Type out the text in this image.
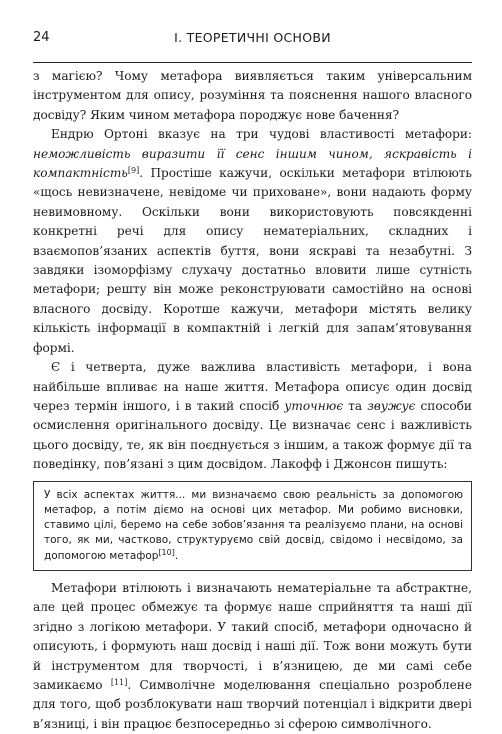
24	І. ТЕОРЕТИЧНІ ОСНОВИ

з магією? Чому метафора виявляється таким універсальним інструментом для опису, розуміння та пояснення нашого власного досвіду? Яким чином метафора породжує нове бачення?

Ендрю Ортоні вказує на три чудові властивості метафори: неможливість виразити її сенс іншим чином, яскравість і компактність[9]. Простіше кажучи, оскільки метафори втілюють «щось невизначене, невідоме чи приховане», вони надають форму невимовному. Оскільки вони використовують повсякденні конкретні речі для опису нематеріальних, складних і взаємопов’язаних аспектів буття, вони яскраві та незабутні. З завдяки ізоморфізму слухачу достатньо вловити лише сутність метафори; решту він може реконструювати самостійно на основі власного досвіду. Коротше кажучи, метафори містять велику кількість інформації в компактній і легкій для запам’ятовування формі.

Є і четверта, дуже важлива властивість метафори, і вона найбільше впливає на наше життя. Метафора описує один досвід через термін іншого, і в такий спосіб уточнює та звужує способи осмислення оригінального досвіду. Це визначає сенс і важливість цього досвіду, те, як він поєднується з іншим, а також формує дії та поведінку, пов’язані з цим досвідом. Лакофф і Джонсон пишуть:

У всіх аспектах життя... ми визначаємо свою реальність за допомогою метафор, а потім діємо на основі цих метафор. Ми робимо висновки, ставимо цілі, беремо на себе зобов’язання та реалізуємо плани, на основі того, як ми, частково, структуруємо свій досвід, свідомо і несвідомо, за допомогою метафор[10].

Метафори втілюють і визначають нематеріальне та абстрактне, але цей процес обмежує та формує наше сприйняття та наші дії згідно з логікою метафори. У такий спосіб, метафори одночасно й описують, і формують наш досвід і наші дії. Тож вони можуть бути й інструментом для творчості, і в’язницею, де ми самі себе замикаємо [11]. Символічне моделювання спеціально розроблене для того, щоб розблокувати наш творчий потенціал і відкрити двері в’язниці, і він працює безпосередньо зі сферою символічного.
